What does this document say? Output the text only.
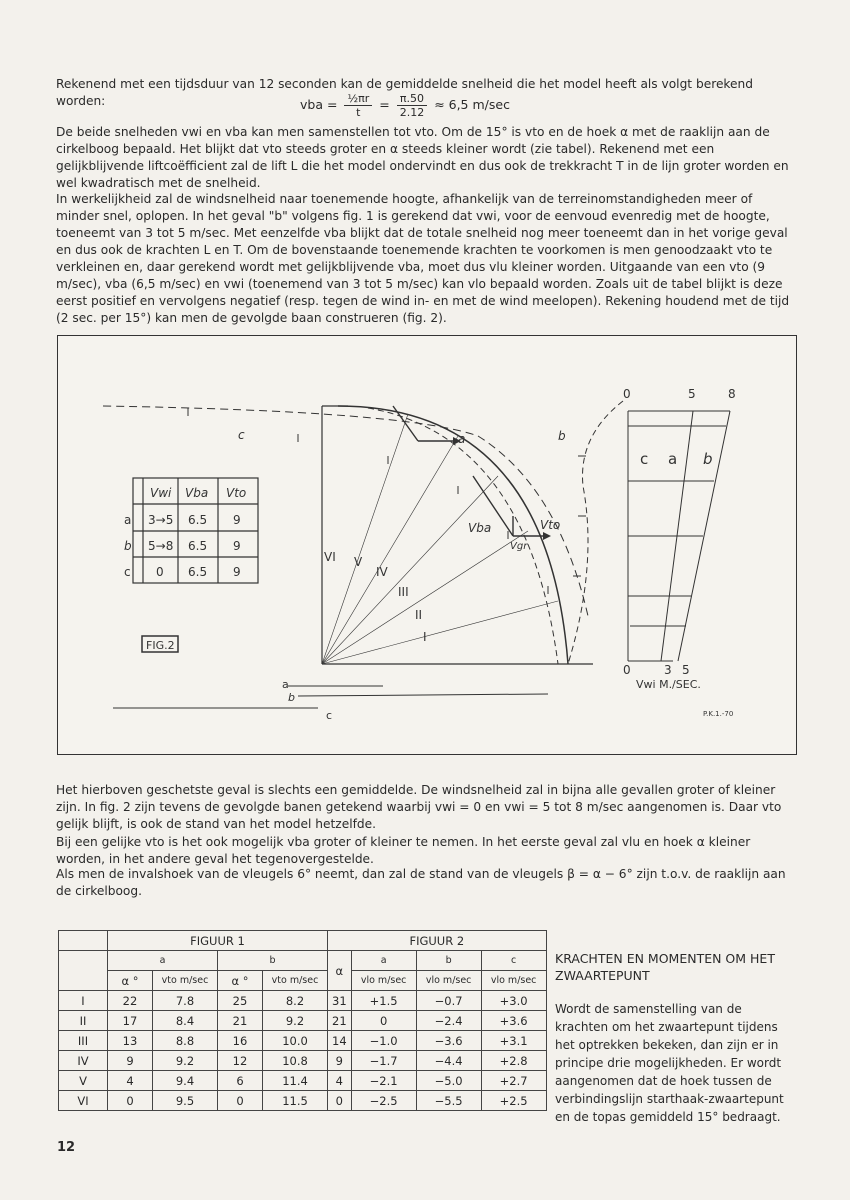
Rekenend met een tijdsduur van 12 seconden kan de gemiddelde snelheid die het model heeft als volgt berekend worden:	vba = $\frac{\text{½πr}}{t} = \frac{\pi.50}{2.12} \approx 6,5$ m/sec

De beide snelheden vwi en vba kan men samenstellen tot vto. Om de 15° is vto en de hoek α met de raaklijn aan de cirkelboog bepaald. Het blijkt dat vto steeds groter en α steeds kleiner wordt (zie tabel). Rekenend met een gelijkblijvende liftcoëfficient zal de lift L die het model ondervindt en dus ook de trekkracht T in de lijn groter worden en wel kwadratisch met de snelheid.

In werkelijkheid zal de windsnelheid naar toenemende hoogte, afhankelijk van de terreinomstandigheden meer of minder snel, oplopen. In het geval "b" volgens fig. 1 is gerekend dat vwi, voor de eenvoud evenredig met de hoogte, toeneemt van 3 tot 5 m/sec. Met eenzelfde vba blijkt dat de totale snelheid nog meer toeneemt dan in het vorige geval en dus ook de krachten L en T. Om de bovenstaande toenemende krachten te voorkomen is men genoodzaakt vto te verkleinen en, daar gerekend wordt met gelijkblijvende vba, moet dus vlu kleiner worden. Uitgaande van een vto (9 m/sec), vba (6,5 m/sec) en vwi (toenemend van 3 tot 5 m/sec) kan vlo bepaald worden. Zoals uit de tabel blijkt is deze eerst positief en vervolgens negatief (resp. tegen de wind in- en met de wind meelopen). Rekening houdend met de tijd (2 sec. per 15°) kan men de gevolgde baan construeren (fig. 2).

a	b
c
Vba	Vto
Vgr
I
II
III
IV
V
VI
0	5	8
c a b
0	3 5
Vwi M./SEC.
a
b
c	P.K.1.-70
FIG.2
Vwi Vba Vto
a 3→5 6.5 9
b 5→8 6.5 9
c 0 6.5 9

Het hierboven geschetste geval is slechts een gemiddelde. De windsnelheid zal in bijna alle gevallen groter of kleiner zijn. In fig. 2 zijn tevens de gevolgde banen getekend waarbij vwi = 0 en vwi = 5 tot 8 m/sec aangenomen is. Daar vto gelijk blijft, is ook de stand van het model hetzelfde.

Bij een gelijke vto is het ook mogelijk vba groter of kleiner te nemen. In het eerste geval zal vlu en hoek α kleiner worden, in het andere geval het tegenovergestelde.

Als men de invalshoek van de vleugels 6° neemt, dan zal de stand van de vleugels β = α − 6° zijn t.o.v. de raaklijn aan de cirkelboog.

	FIGUUR 1				FIGUUR 2			
	a		b		α	a	b	c
	α °	vto m/sec	α °	vto m/sec		vlo m/sec	vlo m/sec	vlo m/sec
I	22	7.8	25	8.2	31	+1.5	−0.7	+3.0
II	17	8.4	21	9.2	21	0	−2.4	+3.6
III	13	8.8	16	10.0	14	−1.0	−3.6	+3.1
IV	9	9.2	12	10.8	9	−1.7	−4.4	+2.8
V	4	9.4	6	11.4	4	−2.1	−5.0	+2.7
VI	0	9.5	0	11.5	0	−2.5	−5.5	+2.5
KRACHTEN EN MOMENTEN OM HET ZWAARTEPUNT
Wordt de samenstelling van de krachten om het zwaartepunt tijdens het optrekken bekeken, dan zijn er in principe drie mogelijkheden. Er wordt aangenomen dat de hoek tussen de verbindingslijn starthaak-zwaartepunt en de topas gemiddeld 15° bedraagt.
12
